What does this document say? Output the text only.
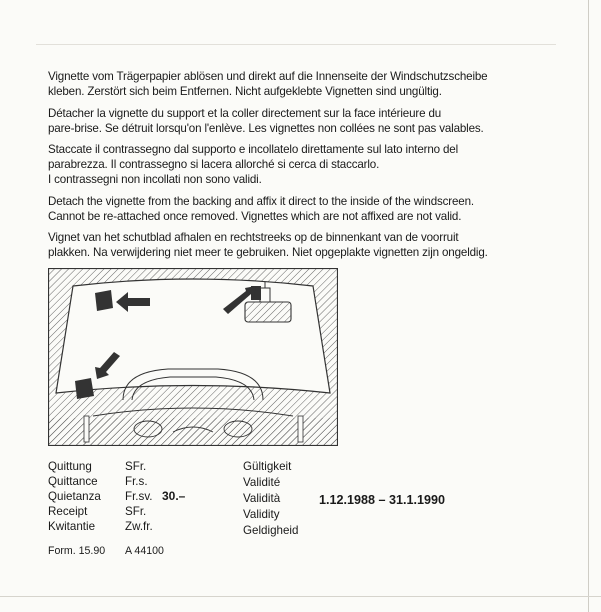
Vignette vom Trägerpapier ablösen und direkt auf die Innenseite der Windschutzscheibe
kleben. Zerstört sich beim Entfernen. Nicht aufgeklebte Vignetten sind ungültig.

Détacher la vignette du support et la coller directement sur la face intérieure du
pare-brise. Se détruit lorsqu'on l'enlève. Les vignettes non collées ne sont pas valables.

Staccate il contrassegno dal supporto e incollatelo direttamente sul lato interno del
parabrezza. Il contrassegno si lacera allorché si cerca di staccarlo.
I contrassegni non incollati non sono validi.

Detach the vignette from the backing and affix it direct to the inside of the windscreen.
Cannot be re-attached once removed. Vignettes which are not affixed are not valid.

Vignet van het schutblad afhalen en rechtstreeks op de binnenkant van de voorruit
plakken. Na verwijdering niet meer te gebruiken. Niet opgeplakte vignetten zijn ongeldig.

Quittung
Quittance
Quietanza
Receipt
Kwitantie
SFr.
Fr.s.
Fr.sv.
SFr.
Zw.fr.
30.–
Gültigkeit
Validité
Validità
Validity
Geldigheid
1.12.1988 – 31.1.1990
Form. 15.90 A 44100
